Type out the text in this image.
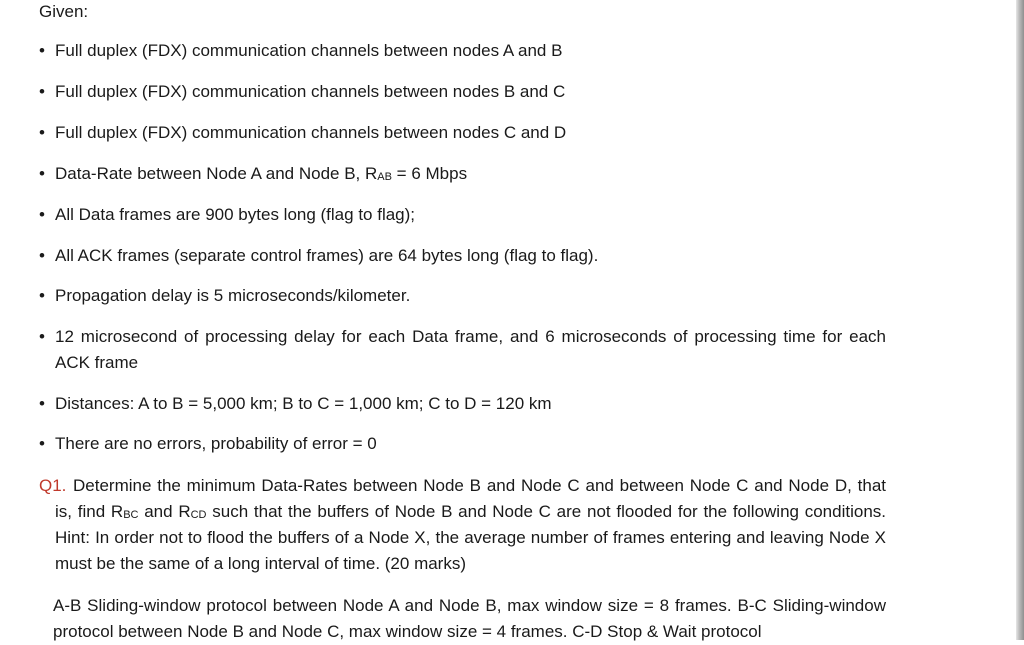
Given:

• Full duplex (FDX) communication channels between nodes A and B
• Full duplex (FDX) communication channels between nodes B and C
• Full duplex (FDX) communication channels between nodes C and D
• Data-Rate between Node A and Node B, $R_{AB} = 6$ Mbps
• All Data frames are 900 bytes long (flag to flag);
• All ACK frames (separate control frames) are 64 bytes long (flag to flag).
• Propagation delay is 5 microseconds/kilometer.
• 12 microsecond of processing delay for each Data frame, and 6 microseconds of processing time for each ACK frame
• Distances: A to B = 5,000 km; B to C = 1,000 km; C to D = 120 km
• There are no errors, probability of error = 0

Q1. Determine the minimum Data-Rates between Node B and Node C and between Node C and Node D, that is, find $R_{BC}$ and $R_{CD}$ such that the buffers of Node B and Node C are not flooded for the following conditions. Hint: In order not to flood the buffers of a Node X, the average number of frames entering and leaving Node X must be the same of a long interval of time. (20 marks)

A-B Sliding-window protocol between Node A and Node B, max window size = 8 frames. B-C Sliding-window protocol between Node B and Node C, max window size = 4 frames. C-D Stop & Wait protocol
